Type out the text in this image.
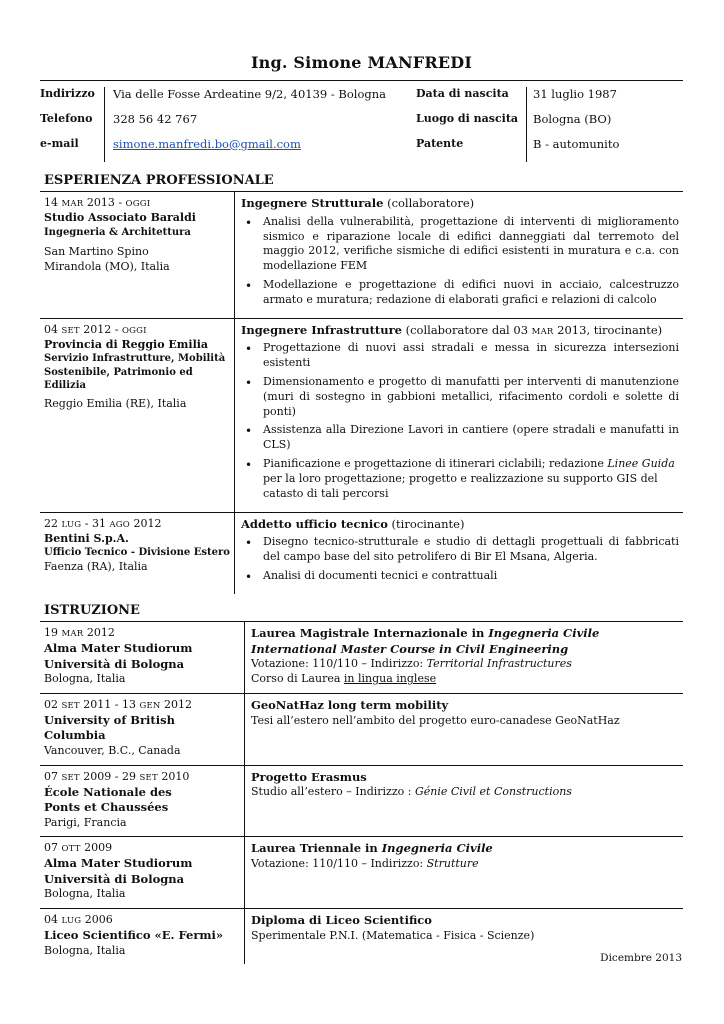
Ing. Simone MANFREDI
Indirizzo
Telefono
e-mail
Via delle Fosse Ardeatine 9/2, 40139 - Bologna
328 56 42 767
simone.manfredi.bo@gmail.com
Data di nascita
Luogo di nascita
Patente
31 luglio 1987
Bologna (BO)
B - automunito
ESPERIENZA PROFESSIONALE
14 MAR 2013 - OGGI
Studio Associato Baraldi
Ingegneria & Architettura
San Martino Spino
Mirandola (MO), Italia
Ingegnere Strutturale (collaboratore)
• Analisi della vulnerabilità, progettazione di interventi di miglioramento sismico e riparazione locale di edifici danneggiati dal terremoto del maggio 2012, verifiche sismiche di edifici esistenti in muratura e c.a. con modellazione FEM
• Modellazione e progettazione di edifici nuovi in acciaio, calcestruzzo armato e muratura; redazione di elaborati grafici e relazioni di calcolo
04 SET 2012 - OGGI
Provincia di Reggio Emilia
Servizio Infrastrutture, Mobilità Sostenibile, Patrimonio ed Edilizia
Reggio Emilia (RE), Italia
Ingegnere Infrastrutture (collaboratore dal 03 MAR 2013, tirocinante)
• Progettazione di nuovi assi stradali e messa in sicurezza intersezioni esistenti
• Dimensionamento e progetto di manufatti per interventi di manutenzione (muri di sostegno in gabbioni metallici, rifacimento cordoli e solette di ponti)
• Assistenza alla Direzione Lavori in cantiere (opere stradali e manufatti in CLS)
• Pianificazione e progettazione di itinerari ciclabili; redazione Linee Guida per la loro progettazione; progetto e realizzazione su supporto GIS del catasto di tali percorsi
22 LUG - 31 AGO 2012
Bentini S.p.A.
Ufficio Tecnico - Divisione Estero
Faenza (RA), Italia
Addetto ufficio tecnico (tirocinante)
• Disegno tecnico-strutturale e studio di dettagli progettuali di fabbricati del campo base del sito petrolifero di Bir El Msana, Algeria.
• Analisi di documenti tecnici e contrattuali
ISTRUZIONE
19 MAR 2012
Alma Mater Studiorum
Università di Bologna
Bologna, Italia
Laurea Magistrale Internazionale in Ingegneria Civile
International Master Course in Civil Engineering
Votazione: 110/110 – Indirizzo: Territorial Infrastructures
Corso di Laurea in lingua inglese
02 SET 2011 - 13 GEN 2012
University of British Columbia
Vancouver, B.C., Canada
GeoNatHaz long term mobility
Tesi all’estero nell’ambito del progetto euro-canadese GeoNatHaz
07 SET 2009 - 29 SET 2010
École Nationale des
Ponts et Chaussées
Parigi, Francia
Progetto Erasmus
Studio all’estero – Indirizzo : Génie Civil et Constructions
07 OTT 2009
Alma Mater Studiorum
Università di Bologna
Bologna, Italia
Laurea Triennale in Ingegneria Civile
Votazione: 110/110 – Indirizzo: Strutture
04 LUG 2006
Liceo Scientifico «E. Fermi»
Bologna, Italia
Diploma di Liceo Scientifico
Sperimentale P.N.I. (Matematica - Fisica - Scienze)
Dicembre 2013
